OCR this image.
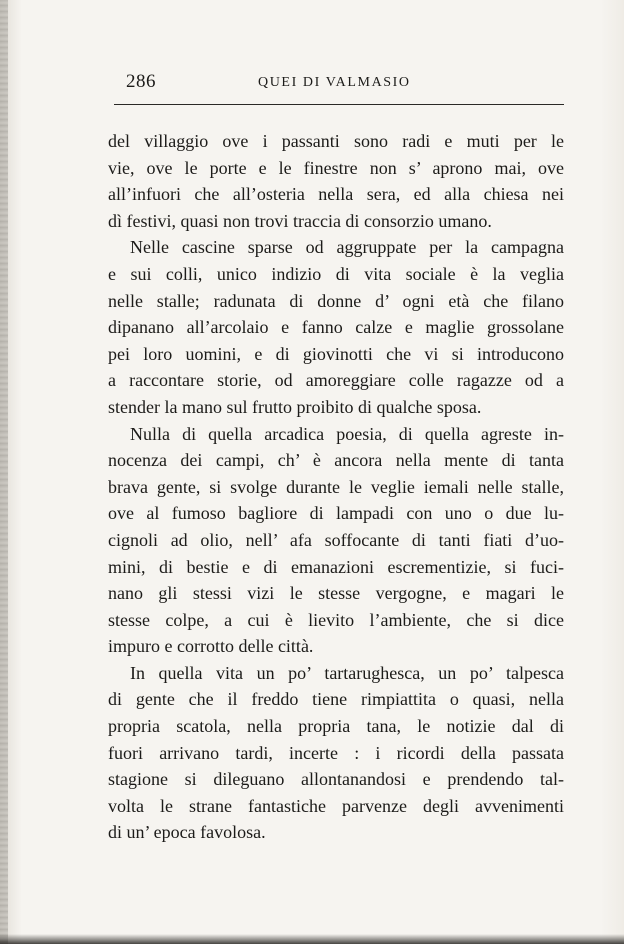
286	QUEI DI VALMASIO
del villaggio ove i passanti sono radi e muti per le
vie, ove le porte e le finestre non s’ aprono mai, ove
all’infuori che all’osteria nella sera, ed alla chiesa nei
dì festivi, quasi non trovi traccia di consorzio umano.
Nelle cascine sparse od aggruppate per la campagna
e sui colli, unico indizio di vita sociale è la veglia
nelle stalle; radunata di donne d’ ogni età che filano
dipanano all’arcolaio e fanno calze e maglie grossolane
pei loro uomini, e di giovinotti che vi si introducono
a raccontare storie, od amoreggiare colle ragazze od a
stender la mano sul frutto proibito di qualche sposa.
Nulla di quella arcadica poesia, di quella agreste in-
nocenza dei campi, ch’ è ancora nella mente di tanta
brava gente, si svolge durante le veglie iemali nelle stalle,
ove al fumoso bagliore di lampadi con uno o due lu-
cignoli ad olio, nell’ afa soffocante di tanti fiati d’uo-
mini, di bestie e di emanazioni escrementizie, si fuci-
nano gli stessi vizi le stesse vergogne, e magari le
stesse colpe, a cui è lievito l’ambiente, che si dice
impuro e corrotto delle città.
In quella vita un po’ tartarughesca, un po’ talpesca
di gente che il freddo tiene rimpiattita o quasi, nella
propria scatola, nella propria tana, le notizie dal di
fuori arrivano tardi, incerte : i ricordi della passata
stagione si dileguano allontanandosi e prendendo tal-
volta le strane fantastiche parvenze degli avvenimenti
di un’ epoca favolosa.
